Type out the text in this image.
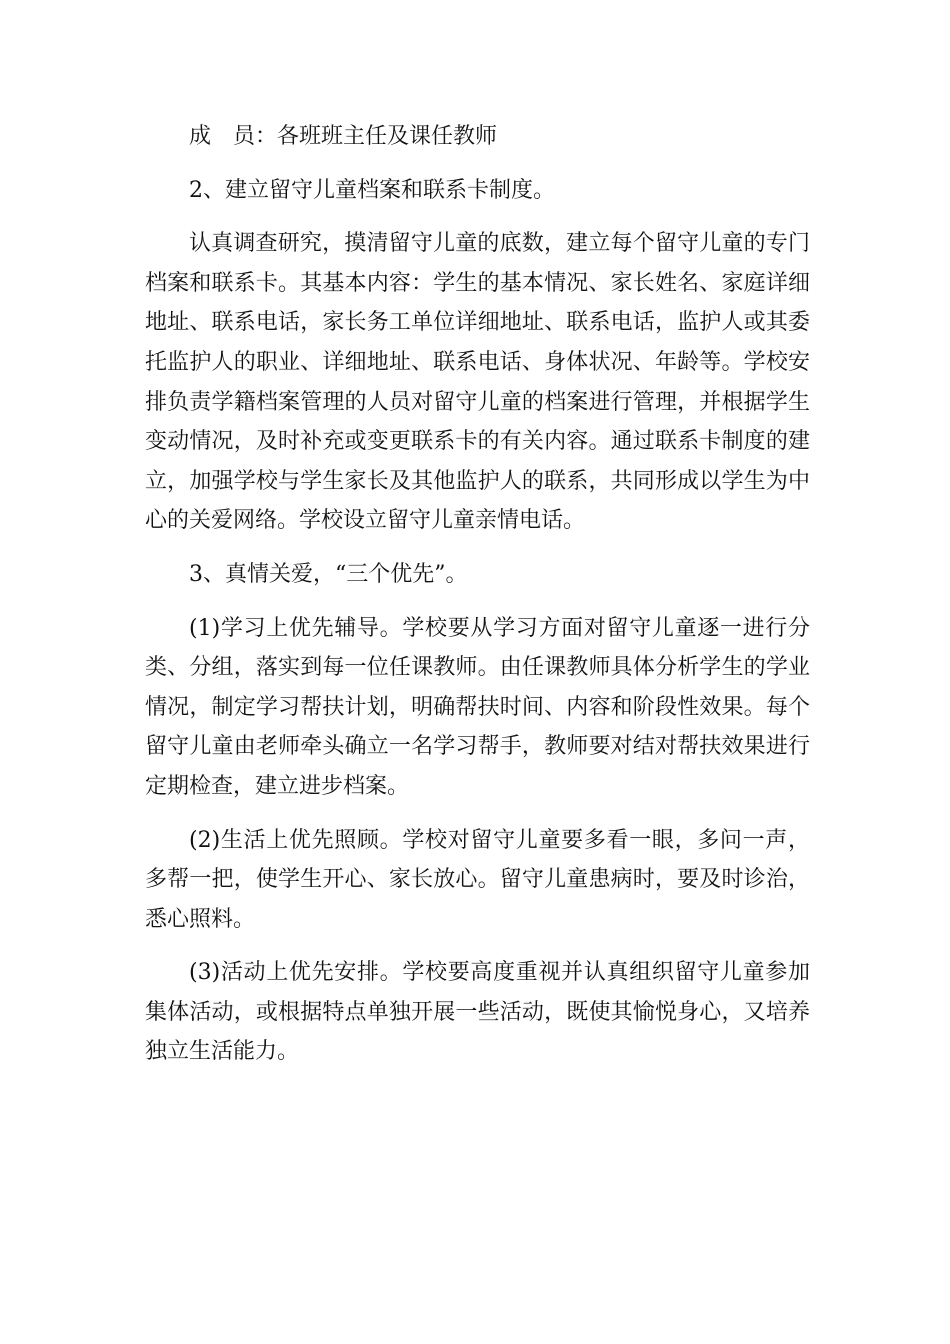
成　员：各班班主任及课任教师

2、建立留守儿童档案和联系卡制度。

认真调查研究，摸清留守儿童的底数，建立每个留守儿童的专门档案和联系卡。其基本内容：学生的基本情况、家长姓名、家庭详细地址、联系电话，家长务工单位详细地址、联系电话，监护人或其委托监护人的职业、详细地址、联系电话、身体状况、年龄等。学校安排负责学籍档案管理的人员对留守儿童的档案进行管理，并根据学生变动情况，及时补充或变更联系卡的有关内容。通过联系卡制度的建立，加强学校与学生家长及其他监护人的联系，共同形成以学生为中心的关爱网络。学校设立留守儿童亲情电话。

3、真情关爱，“三个优先”。

(1)学习上优先辅导。学校要从学习方面对留守儿童逐一进行分类、分组，落实到每一位任课教师。由任课教师具体分析学生的学业情况，制定学习帮扶计划，明确帮扶时间、内容和阶段性效果。每个留守儿童由老师牵头确立一名学习帮手，教师要对结对帮扶效果进行定期检查，建立进步档案。

(2)生活上优先照顾。学校对留守儿童要多看一眼，多问一声，多帮一把，使学生开心、家长放心。留守儿童患病时，要及时诊治，悉心照料。

(3)活动上优先安排。学校要高度重视并认真组织留守儿童参加集体活动，或根据特点单独开展一些活动，既使其愉悦身心，又培养独立生活能力。
